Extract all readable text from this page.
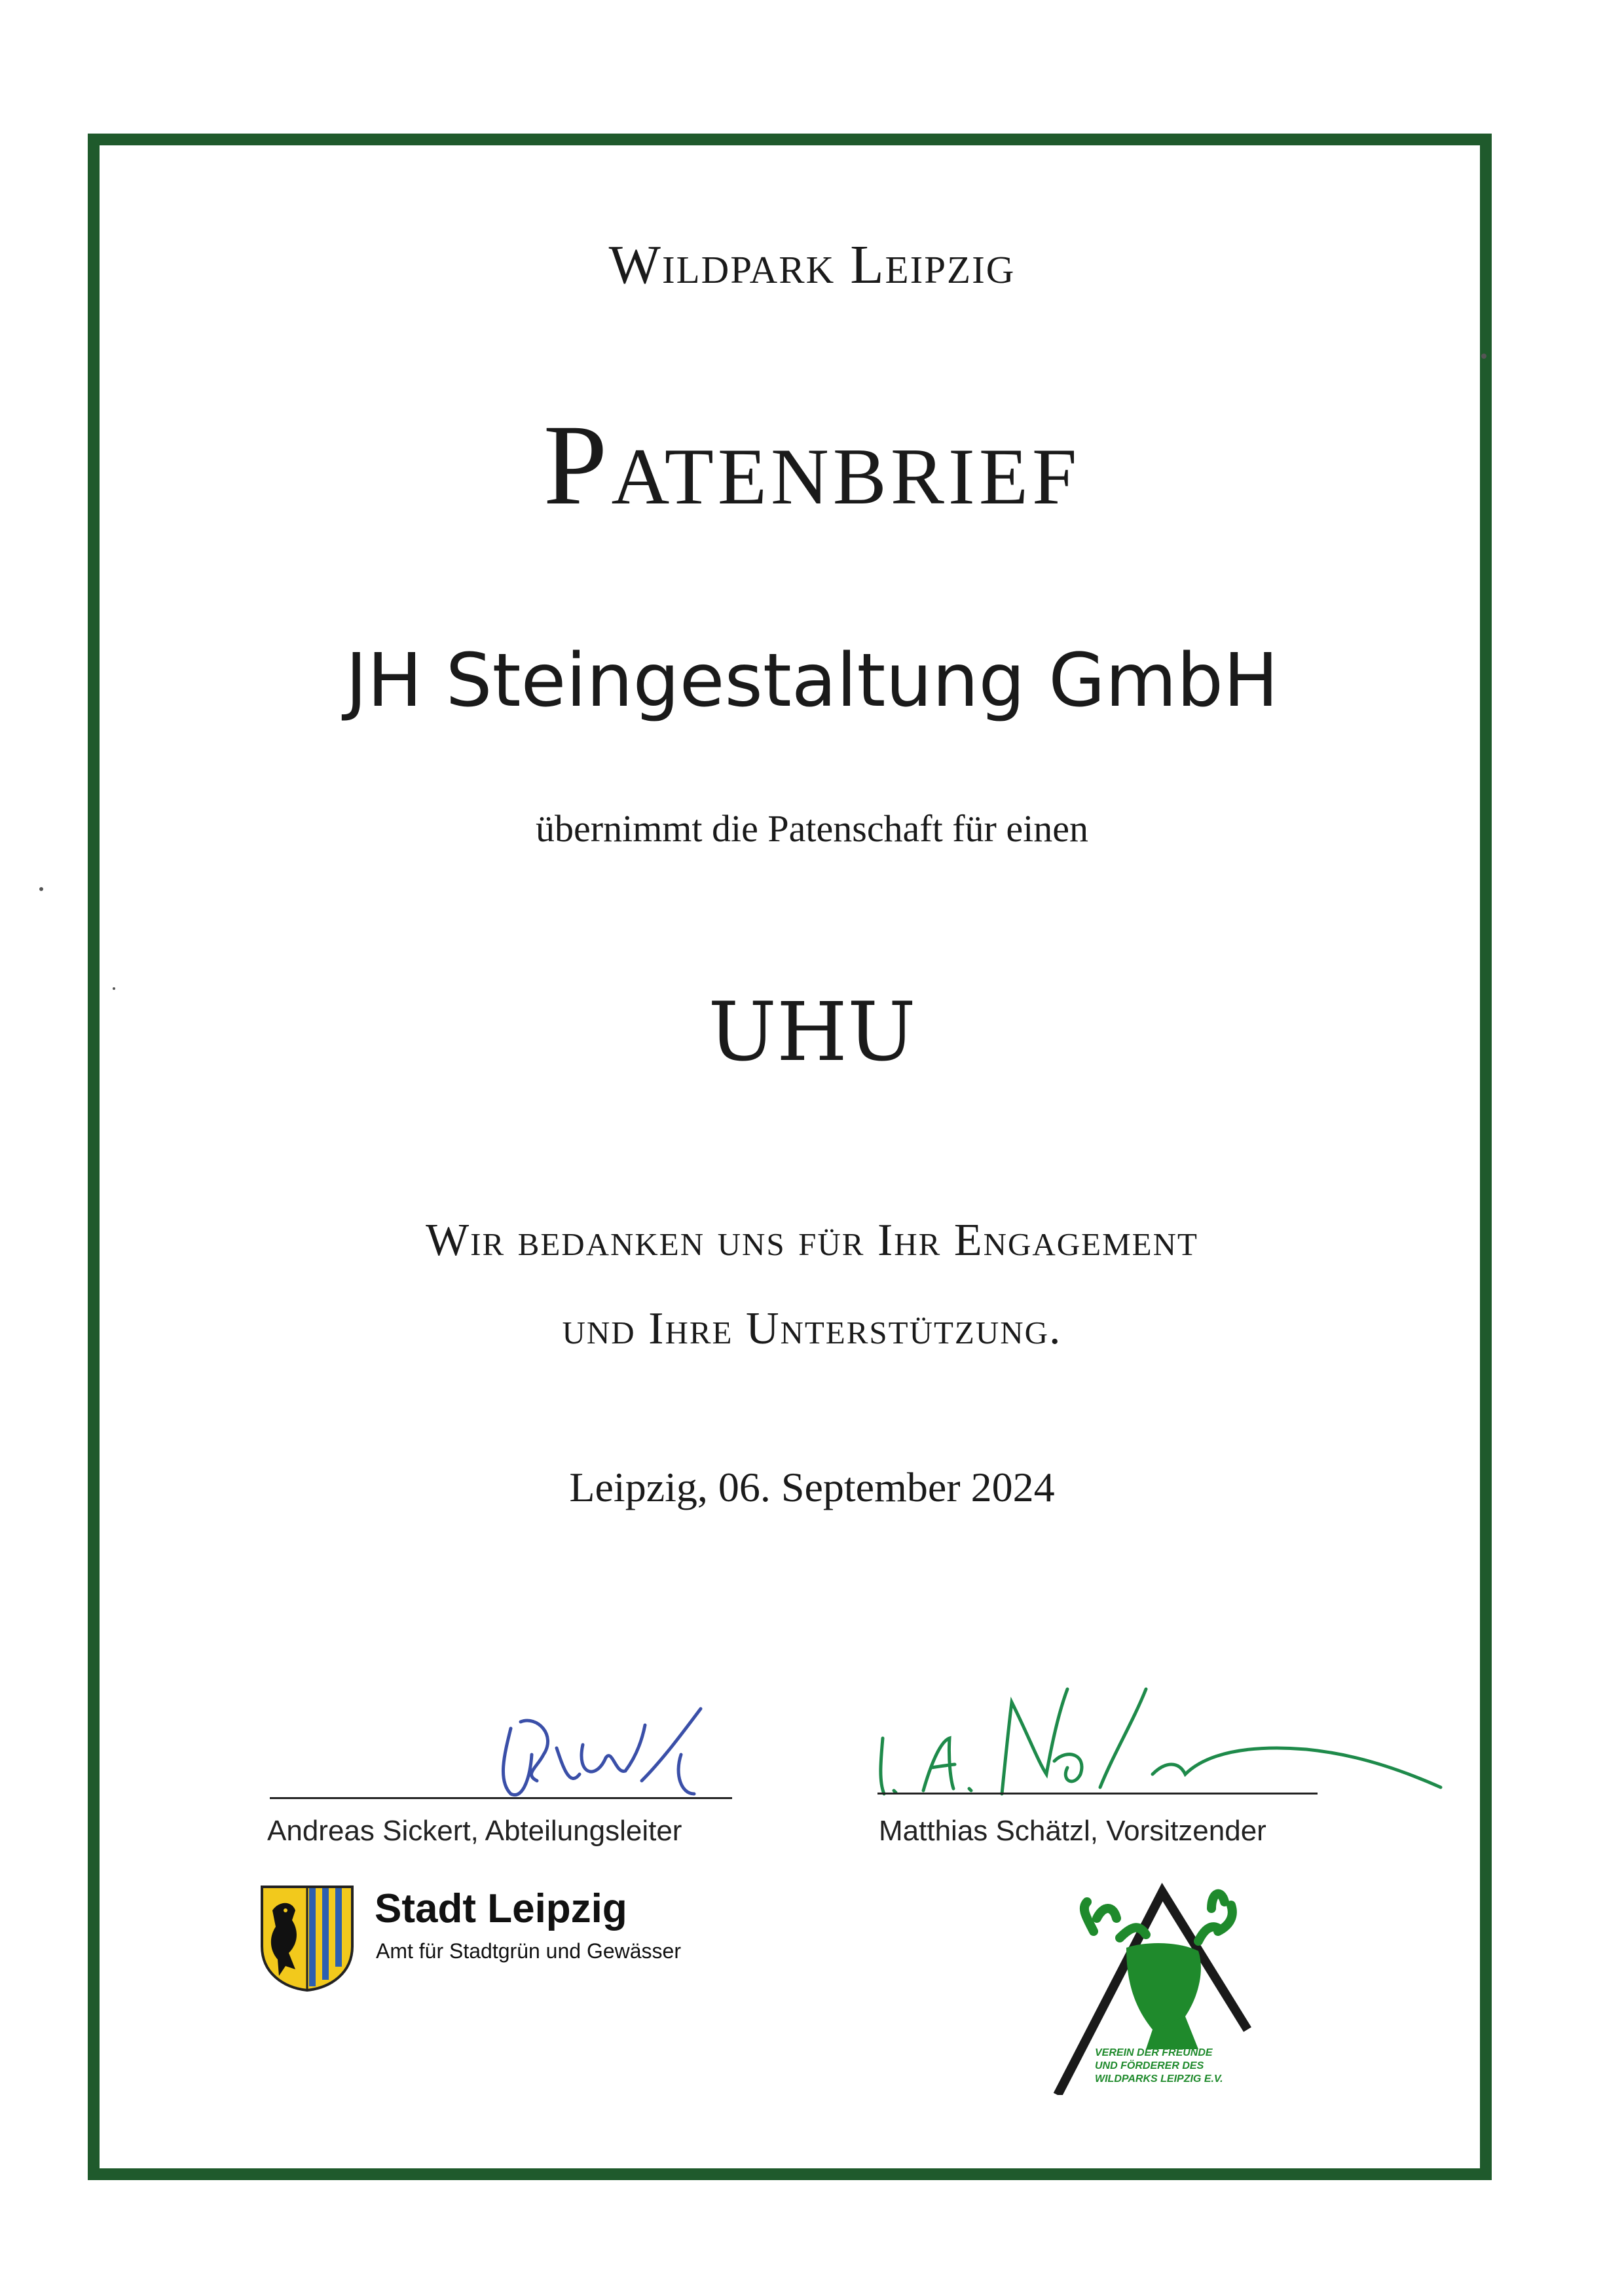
Wildpark Leipzig
Patenbrief
JH Steingestaltung GmbH
übernimmt die Patenschaft für einen
UHU
Wir bedanken uns für Ihr Engagement
und Ihre Unterstützung.
Leipzig, 06. September 2024
Andreas Sickert, Abteilungsleiter	Matthias Schätzl, Vorsitzender
Stadt Leipzig
Amt für Stadtgrün und Gewässer
VEREIN DER FREUNDE
UND FÖRDERER DES
WILDPARKS LEIPZIG E.V.
